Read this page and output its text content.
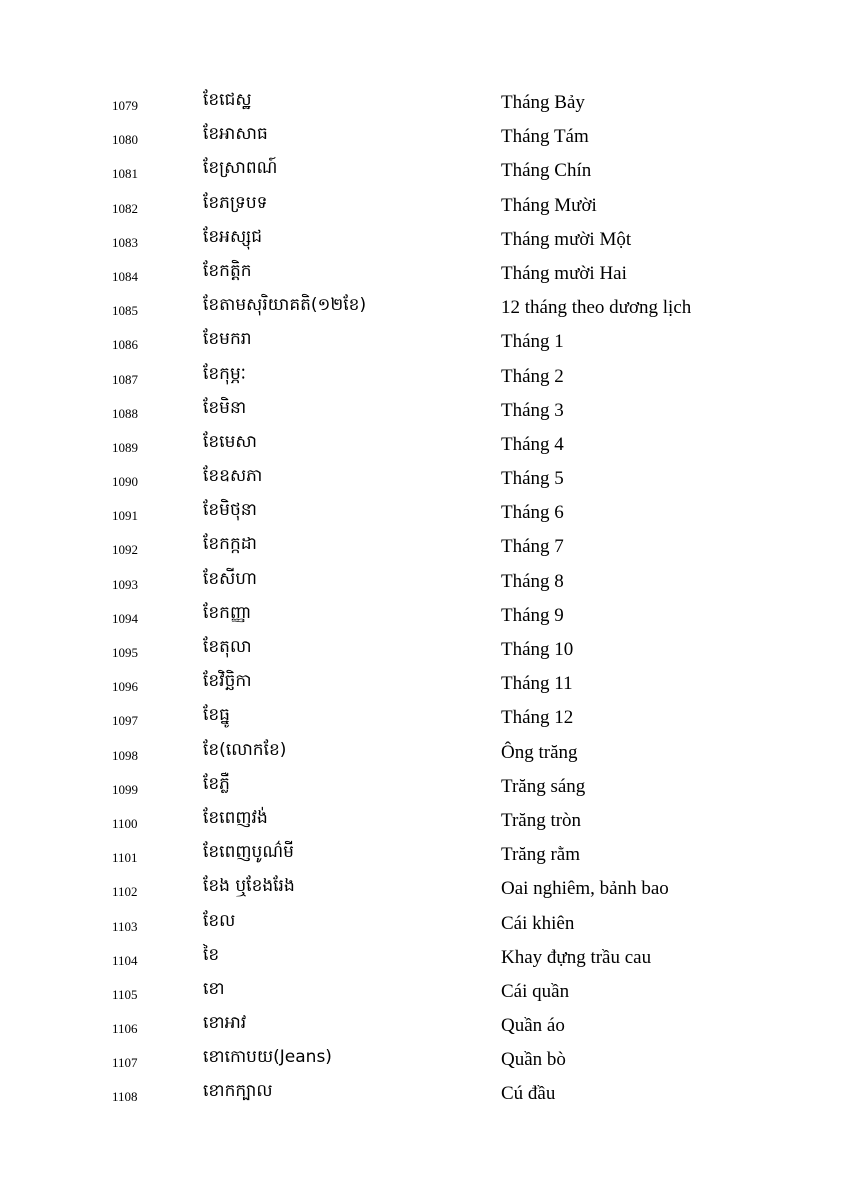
1079	ខែជេស្ឋ	Tháng Bảy
1080	ខែអាសាធ	Tháng Tám
1081	ខែស្រាពណ៍	Tháng Chín
1082	ខែភទ្របទ	Tháng Mười
1083	ខែអស្សុជ	Tháng mười Một
1084	ខែកត្តិក	Tháng mười Hai
1085	ខែតាមសុរិយាគតិ(១២ខែ)	12 tháng theo dương lịch
1086	ខែមករា	Tháng 1
1087	ខែកុម្ភៈ	Tháng 2
1088	ខែមិនា	Tháng 3
1089	ខែមេសា	Tháng 4
1090	ខែឧសភា	Tháng 5
1091	ខែមិថុនា	Tháng 6
1092	ខែកក្កដា	Tháng 7
1093	ខែសីហា	Tháng 8
1094	ខែកញ្ញា	Tháng 9
1095	ខែតុលា	Tháng 10
1096	ខែវិច្ឆិកា	Tháng 11
1097	ខែធ្នូ	Tháng 12
1098	ខែ(លោកខែ)	Ông trăng
1099	ខែភ្លឺ	Trăng sáng
1100	ខែពេញវង់	Trăng tròn
1101	ខែពេញបូណ៌មី	Trăng rằm
1102	ខែង ឬខែងរែង	Oai nghiêm, bảnh bao
1103	ខែល	Cái khiên
1104	ខៃ	Khay đựng trầu cau
1105	ខោ	Cái quần
1106	ខោអាវ	Quần áo
1107	ខោកោបយ(Jeans)	Quần bò
1108	ខោកក្បាល	Cú đầu
